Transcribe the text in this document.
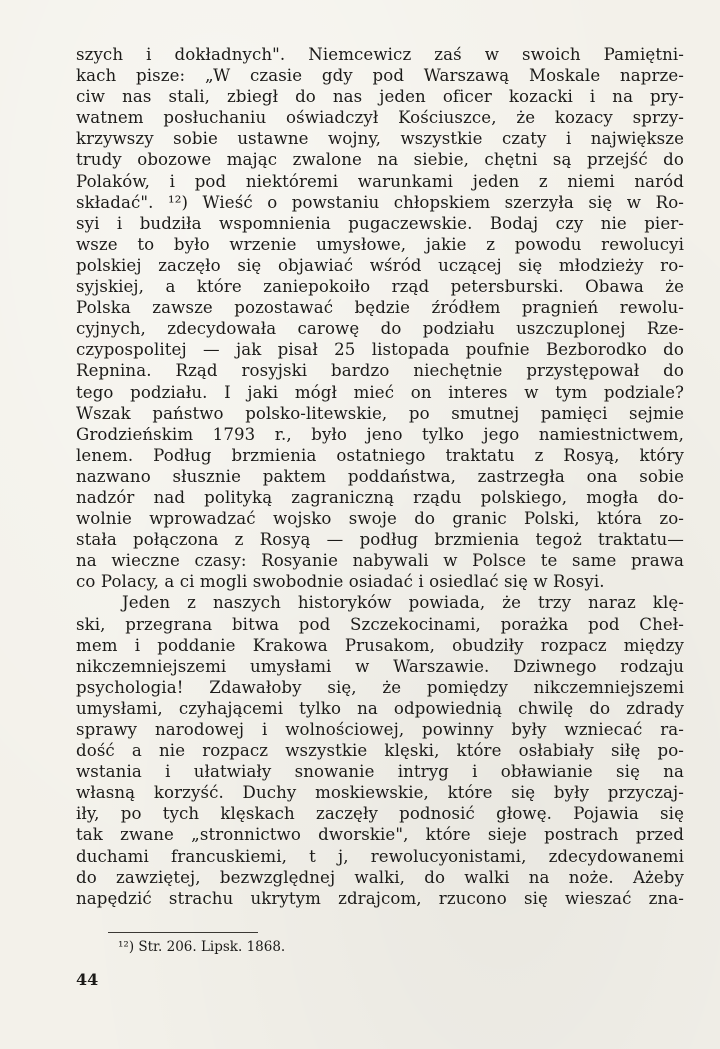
szych i dokładnych". Niemcewicz zaś w swoich Pamiętni-
kach pisze: „W czasie gdy pod Warszawą Moskale naprze-
ciw nas stali, zbiegł do nas jeden oficer kozacki i na pry-
watnem posłuchaniu oświadczył Kościuszce, że kozacy sprzy-
krzywszy sobie ustawne wojny, wszystkie czaty i największe
trudy obozowe mając zwalone na siebie, chętni są przejść do
Polaków, i pod niektóremi warunkami jeden z niemi naród
składać". ¹²) Wieść o powstaniu chłopskiem szerzyła się w Ro-
syi i budziła wspomnienia pugaczewskie. Bodaj czy nie pier-
wsze to było wrzenie umysłowe, jakie z powodu rewolucyi
polskiej zaczęło się objawiać wśród uczącej się młodzieży ro-
syjskiej, a które zaniepokoiło rząd petersburski. Obawa że
Polska zawsze pozostawać będzie źródłem pragnień rewolu-
cyjnych, zdecydowała carowę do podziału uszczuplonej Rze-
czypospolitej — jak pisał 25 listopada poufnie Bezborodko do
Repnina. Rząd rosyjski bardzo niechętnie przystępował do
tego podziału. I jaki mógł mieć on interes w tym podziale?
Wszak państwo polsko-litewskie, po smutnej pamięci sejmie
Grodzieńskim 1793 r., było jeno tylko jego namiestnictwem,
lenem. Podług brzmienia ostatniego traktatu z Rosyą, który
nazwano słusznie paktem poddaństwa, zastrzegła ona sobie
nadzór nad polityką zagraniczną rządu polskiego, mogła do-
wolnie wprowadzać wojsko swoje do granic Polski, która zo-
stała połączona z Rosyą — podług brzmienia tegoż traktatu—
na wieczne czasy: Rosyanie nabywali w Polsce te same prawa
co Polacy, a ci mogli swobodnie osiadać i osiedlać się w Rosyi.
Jeden z naszych historyków powiada, że trzy naraz klę-
ski, przegrana bitwa pod Szczekocinami, porażka pod Cheł-
mem i poddanie Krakowa Prusakom, obudziły rozpacz między
nikczemniejszemi umysłami w Warszawie. Dziwnego rodzaju
psychologia! Zdawałoby się, że pomiędzy nikczemniejszemi
umysłami, czyhającemi tylko na odpowiednią chwilę do zdrady
sprawy narodowej i wolnościowej, powinny były wzniecać ra-
dość a nie rozpacz wszystkie klęski, które osłabiały siłę po-
wstania i ułatwiały snowanie intryg i obławianie się na
własną korzyść. Duchy moskiewskie, które się były przyczaj-
iły, po tych klęskach zaczęły podnosić głowę. Pojawia się
tak zwane „stronnictwo dworskie", które sieje postrach przed
duchami francuskiemi, t j, rewolucyonistami, zdecydowanemi
do zawziętej, bezwzględnej walki, do walki na noże. Ażeby
napędzić strachu ukrytym zdrajcom, rzucono się wieszać zna-
¹²) Str. 206. Lipsk. 1868.
44
